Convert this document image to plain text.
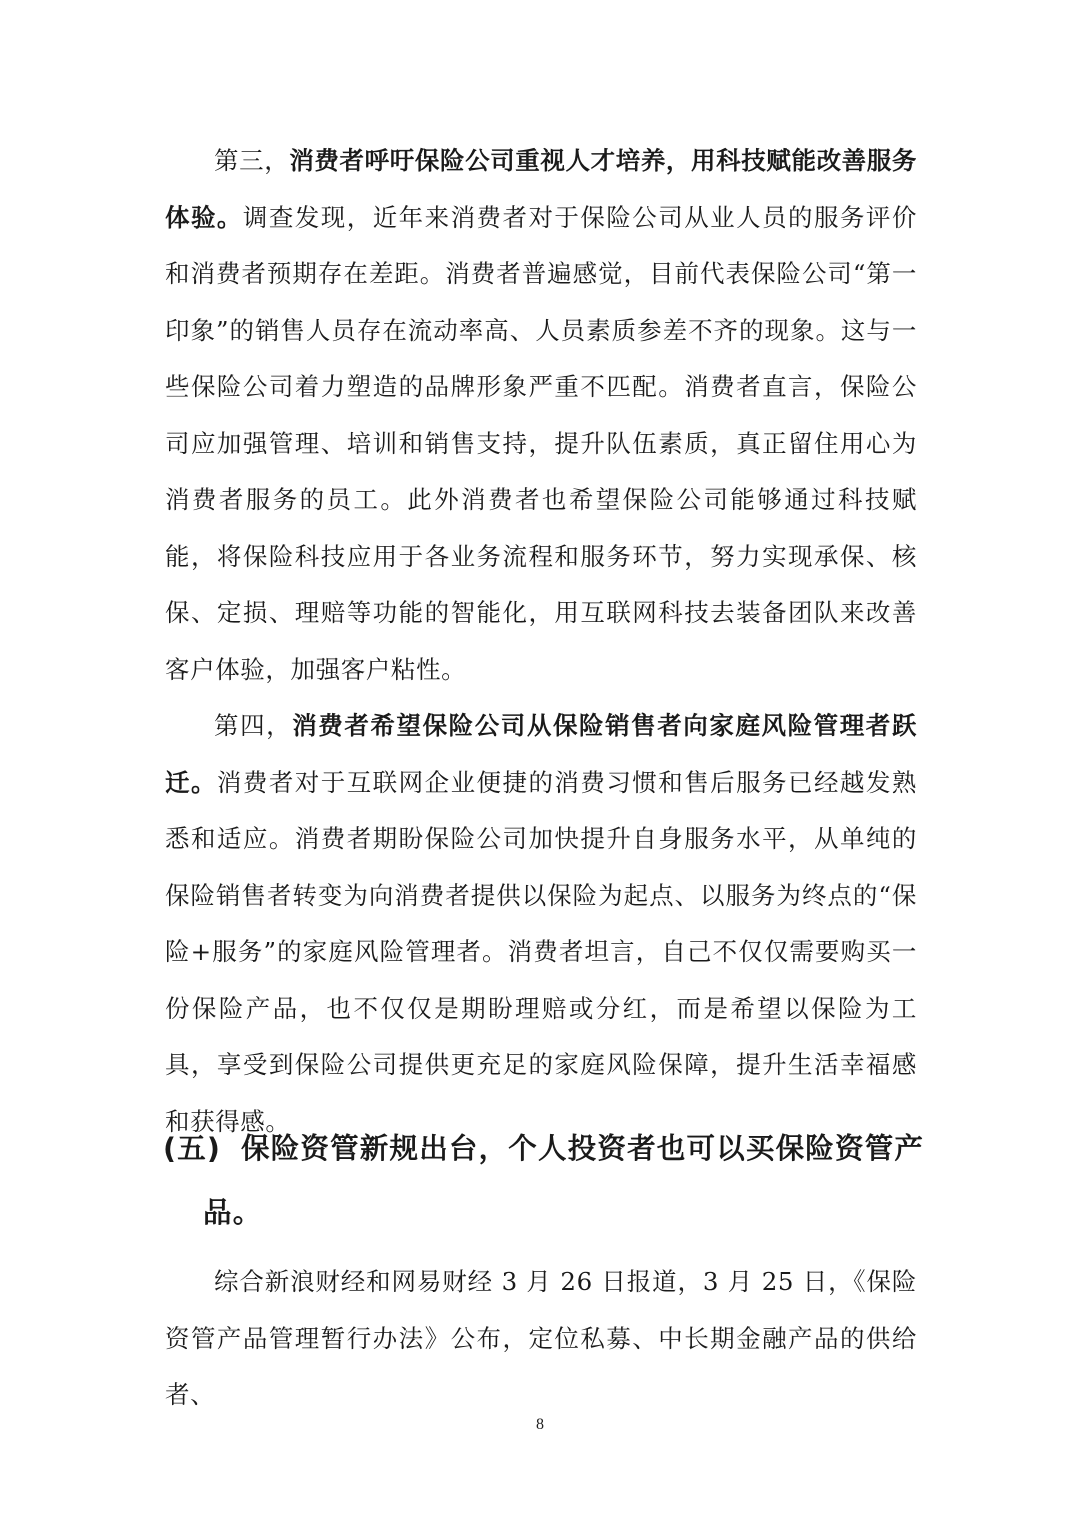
第三，消费者呼吁保险公司重视人才培养，用科技赋能改善服务体验。调查发现，近年来消费者对于保险公司从业人员的服务评价和消费者预期存在差距。消费者普遍感觉，目前代表保险公司“第一印象”的销售人员存在流动率高、人员素质参差不齐的现象。这与一些保险公司着力塑造的品牌形象严重不匹配。消费者直言，保险公司应加强管理、培训和销售支持，提升队伍素质，真正留住用心为消费者服务的员工。此外消费者也希望保险公司能够通过科技赋能，将保险科技应用于各业务流程和服务环节，努力实现承保、核保、定损、理赔等功能的智能化，用互联网科技去装备团队来改善客户体验，加强客户粘性。

第四，消费者希望保险公司从保险销售者向家庭风险管理者跃迁。消费者对于互联网企业便捷的消费习惯和售后服务已经越发熟悉和适应。消费者期盼保险公司加快提升自身服务水平，从单纯的保险销售者转变为向消费者提供以保险为起点、以服务为终点的“保险+服务”的家庭风险管理者。消费者坦言，自己不仅仅需要购买一份保险产品，也不仅仅是期盼理赔或分红，而是希望以保险为工具，享受到保险公司提供更充足的家庭风险保障，提升生活幸福感和获得感。

(五) 保险资管新规出台，个人投资者也可以买保险资管产品。

综合新浪财经和网易财经 3 月 26 日报道，3 月 25 日，《保险资管产品管理暂行办法》公布，定位私募、中长期金融产品的供给者、

8
